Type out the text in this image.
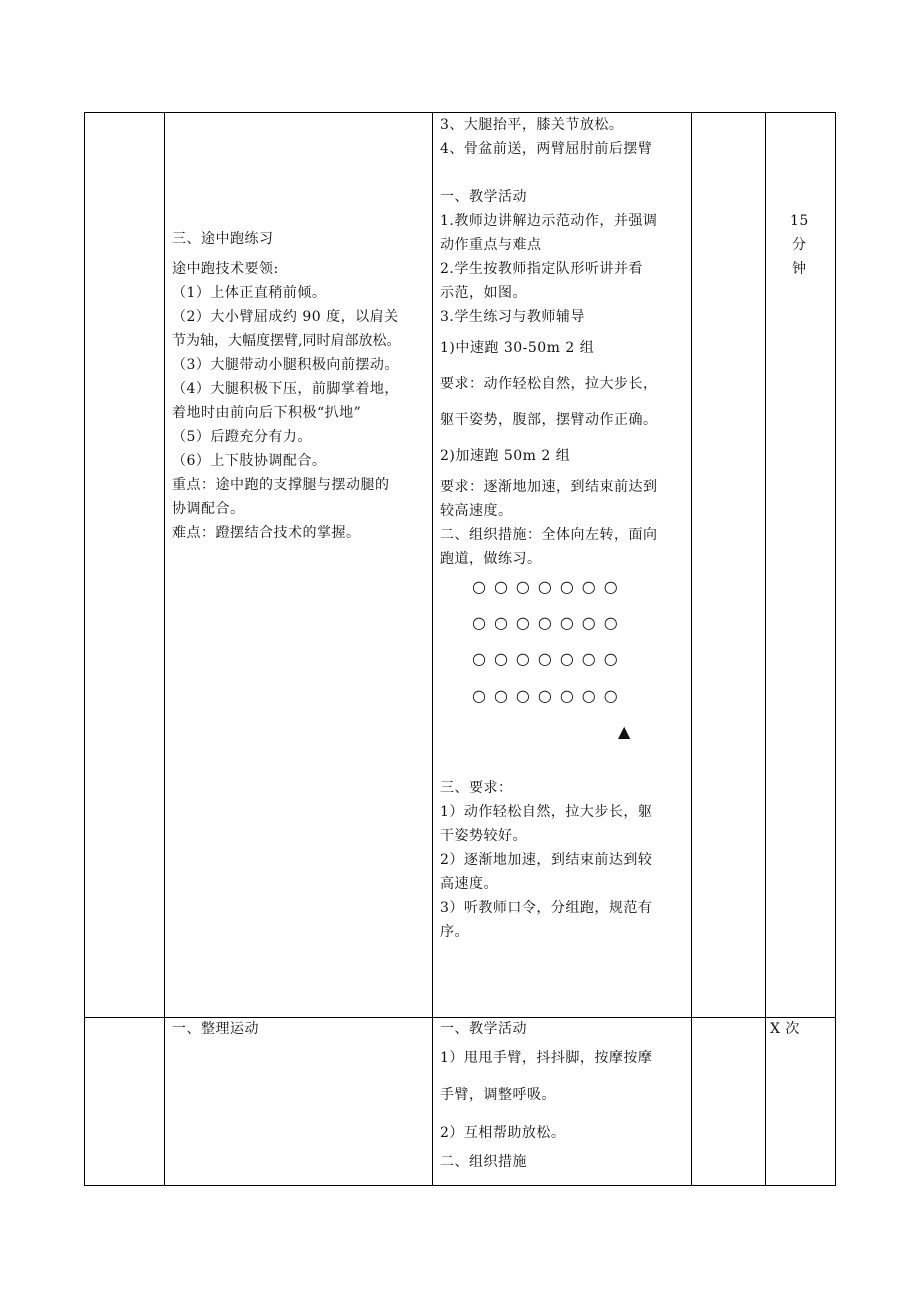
三、途中跑练习
途中跑技术要领:
（1）上体正直稍前倾。
（2）大小臂屈成约 90 度，以肩关
节为轴，大幅度摆臂,同时肩部放松。
（3）大腿带动小腿积极向前摆动。
（4）大腿积极下压，前脚掌着地，
着地时由前向后下积极“扒地”
（5）后蹬充分有力。
（6）上下肢协调配合。
重点：途中跑的支撑腿与摆动腿的
协调配合。
难点：蹬摆结合技术的掌握。
3、大腿抬平，膝关节放松。
4、骨盆前送，两臂屈肘前后摆臂
一、教学活动
1.教师边讲解边示范动作，并强调
动作重点与难点
2.学生按教师指定队形听讲并看
示范，如图。
3.学生练习与教师辅导
1)中速跑 30-50m 2 组
要求：动作轻松自然，拉大步长，
躯干姿势，腹部，摆臂动作正确。
2)加速跑 50m 2 组
要求：逐渐地加速，到结束前达到
较高速度。
二、组织措施：全体向左转，面向
跑道，做练习。
○○○○○○○
○○○○○○○
○○○○○○○
○○○○○○○
▲
三、要求：
1）动作轻松自然，拉大步长，躯
干姿势较好。
2）逐渐地加速，到结束前达到较
高速度。
3）听教师口令，分组跑，规范有
序。
15
分
钟
一、整理运动	一、教学活动
1）甩甩手臂，抖抖脚，按摩按摩
手臂，调整呼吸。
2）互相帮助放松。
二、组织措施
X 次
